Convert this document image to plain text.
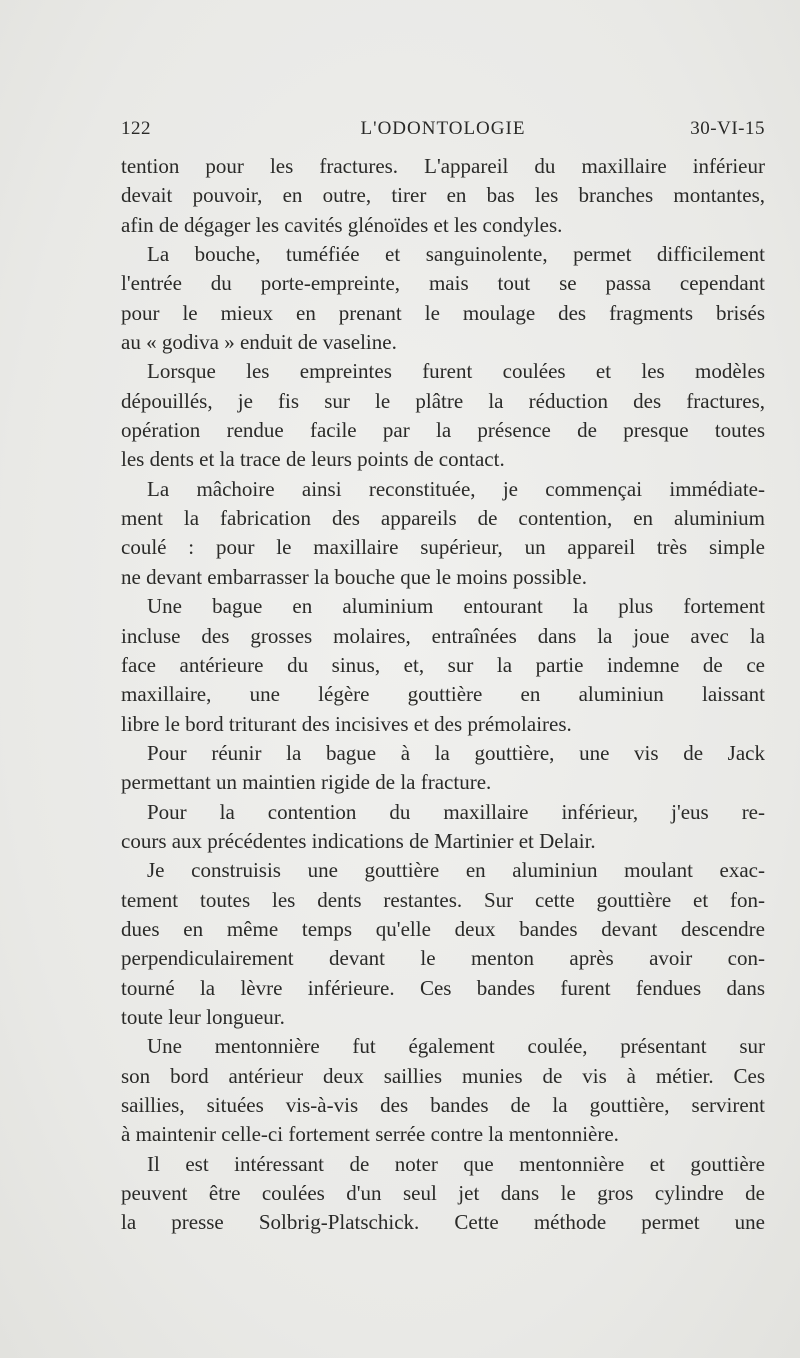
122	L'ODONTOLOGIE	30-VI-15
tention pour les fractures. L'appareil du maxillaire inférieur
devait pouvoir, en outre, tirer en bas les branches montantes,
afin de dégager les cavités glénoïdes et les condyles.
La bouche, tuméfiée et sanguinolente, permet difficilement
l'entrée du porte-empreinte, mais tout se passa cependant
pour le mieux en prenant le moulage des fragments brisés
au « godiva » enduit de vaseline.
Lorsque les empreintes furent coulées et les modèles
dépouillés, je fis sur le plâtre la réduction des fractures,
opération rendue facile par la présence de presque toutes
les dents et la trace de leurs points de contact.
La mâchoire ainsi reconstituée, je commençai immédiate-
ment la fabrication des appareils de contention, en aluminium
coulé : pour le maxillaire supérieur, un appareil très simple
ne devant embarrasser la bouche que le moins possible.
Une bague en aluminium entourant la plus fortement
incluse des grosses molaires, entraînées dans la joue avec la
face antérieure du sinus, et, sur la partie indemne de ce
maxillaire, une légère gouttière en aluminiun laissant
libre le bord triturant des incisives et des prémolaires.
Pour réunir la bague à la gouttière, une vis de Jack
permettant un maintien rigide de la fracture.
Pour la contention du maxillaire inférieur, j'eus re-
cours aux précédentes indications de Martinier et Delair.
Je construisis une gouttière en aluminiun moulant exac-
tement toutes les dents restantes. Sur cette gouttière et fon-
dues en même temps qu'elle deux bandes devant descendre
perpendiculairement devant le menton après avoir con-
tourné la lèvre inférieure. Ces bandes furent fendues dans
toute leur longueur.
Une mentonnière fut également coulée, présentant sur
son bord antérieur deux saillies munies de vis à métier. Ces
saillies, situées vis-à-vis des bandes de la gouttière, servirent
à maintenir celle-ci fortement serrée contre la mentonnière.
Il est intéressant de noter que mentonnière et gouttière
peuvent être coulées d'un seul jet dans le gros cylindre de
la presse Solbrig-Platschick. Cette méthode permet une
